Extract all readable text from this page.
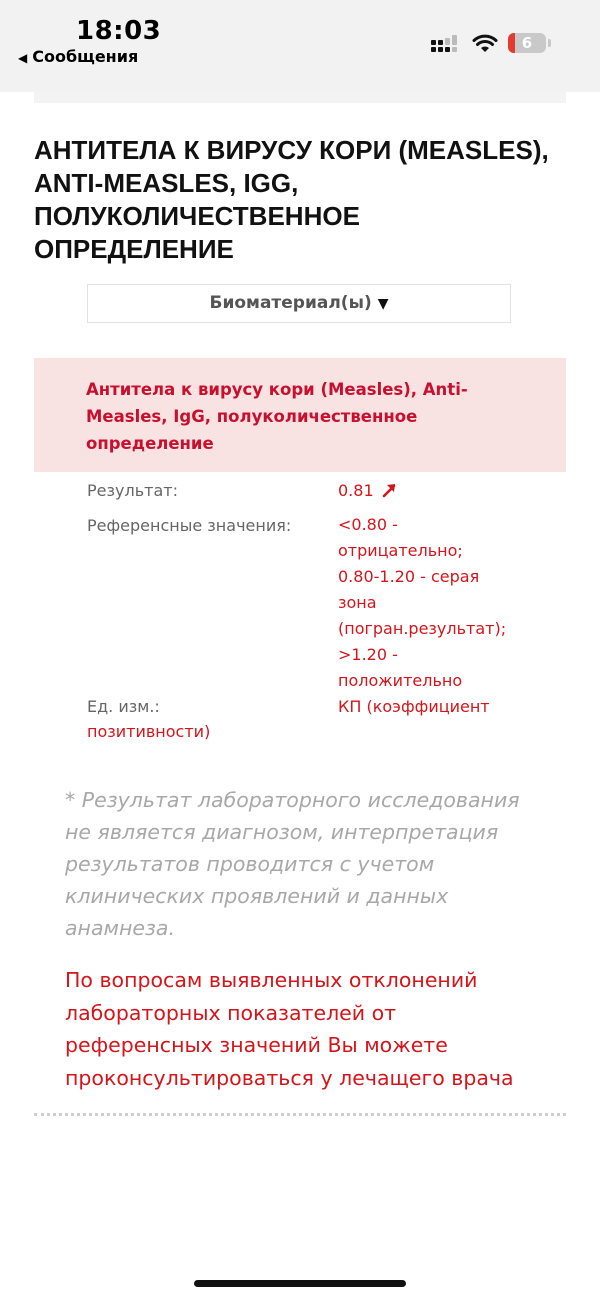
18:03
◀ Сообщения
6
АНТИТЕЛА К ВИРУСУ КОРИ (MEASLES), ANTI-MEASLES, IGG, ПОЛУКОЛИЧЕСТВЕННОЕ ОПРЕДЕЛЕНИЕ
Биоматериал(ы) ▼
Антитела к вирусу кори (Measles), Anti-Measles, IgG, полуколичественное определение
Результат:	0.81
Референсные значения:	<0.80 -
отрицательно;
0.80-1.20 - серая
зона
(погран.результат);
>1.20 -
положительно
Ед. изм.:	КП (коэффициент
позитивности)
* Результат лабораторного исследования не является диагнозом, интерпретация результатов проводится с учетом клинических проявлений и данных анамнеза.
По вопросам выявленных отклонений лабораторных показателей от референсных значений Вы можете проконсультироваться у лечащего врача
